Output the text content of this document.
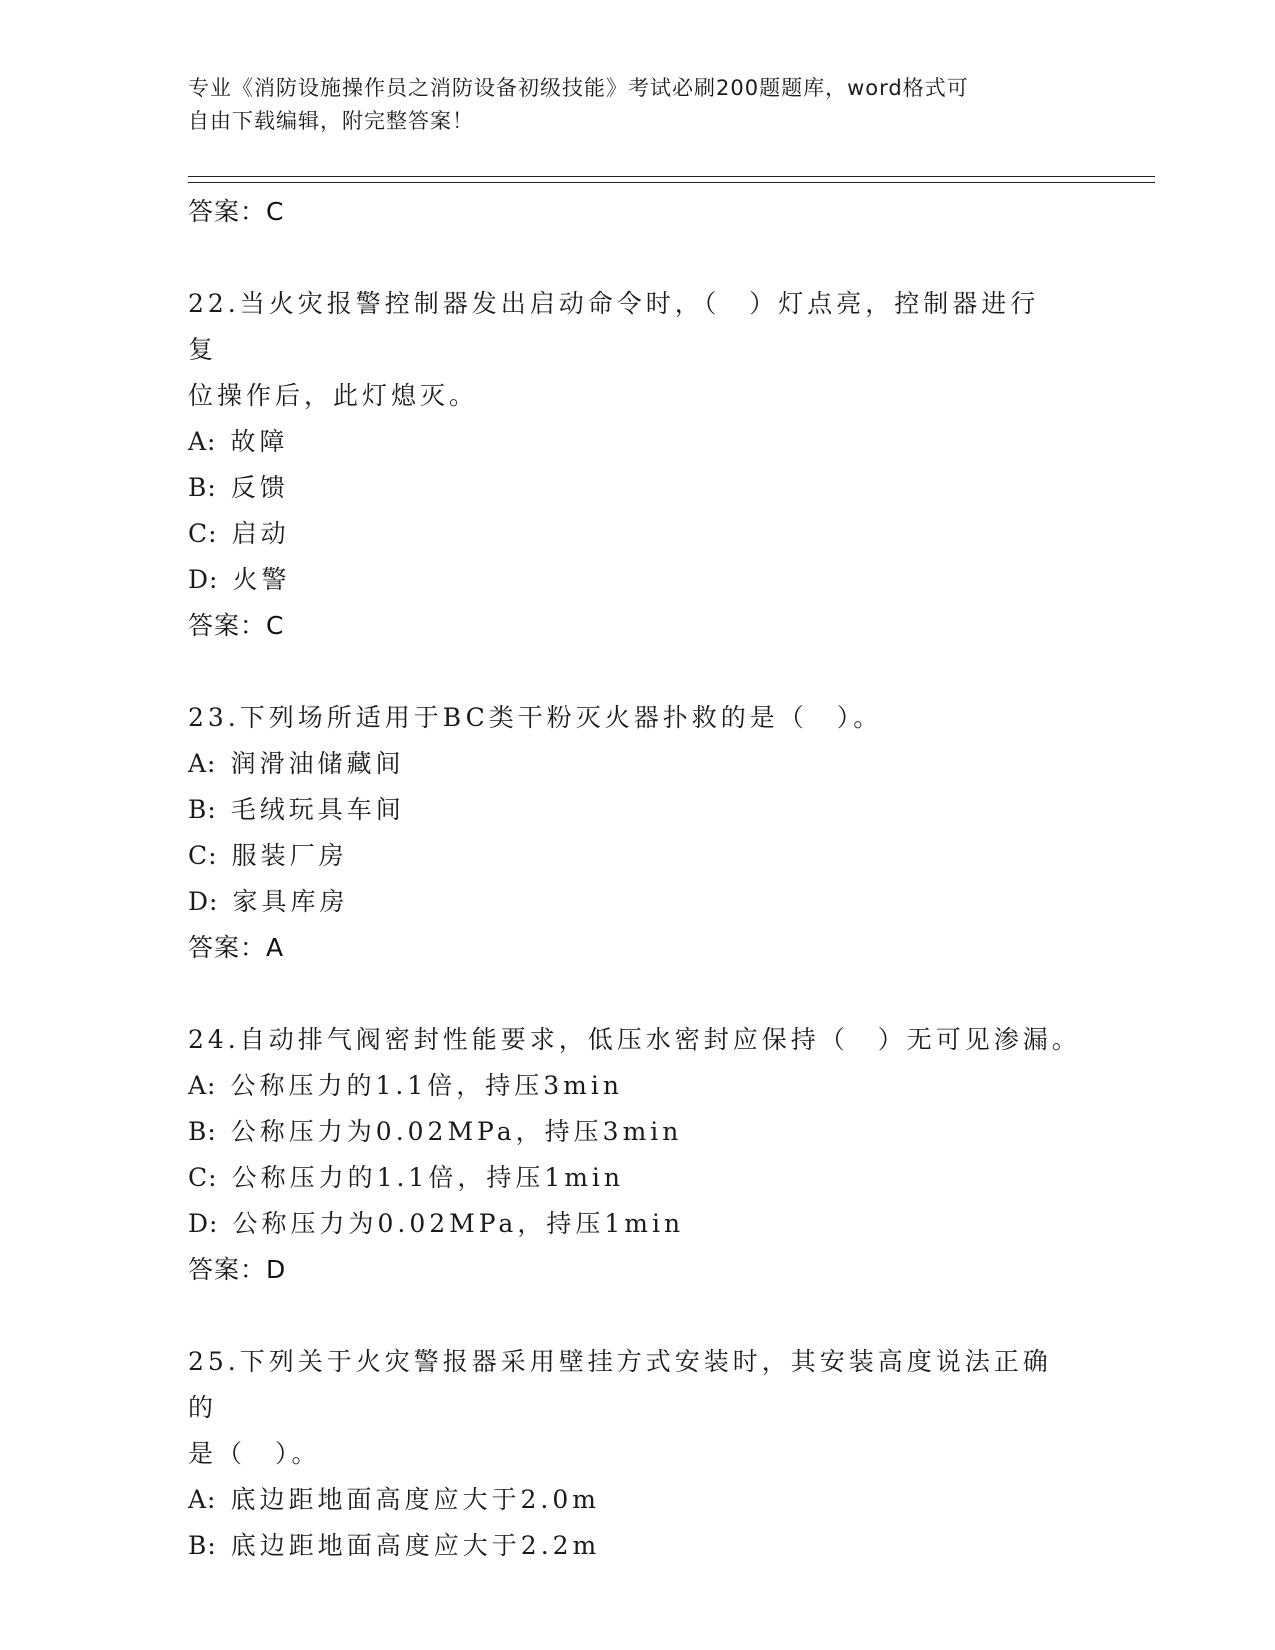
专业《消防设施操作员之消防设备初级技能》考试必刷200题题库，word格式可
自由下载编辑，附完整答案！
答案：C
22.当火灾报警控制器发出启动命令时，（　）灯点亮，控制器进行复
位操作后，此灯熄灭。
A: 故障
B: 反馈
C: 启动
D: 火警
答案：C
23.下列场所适用于BC类干粉灭火器扑救的是（　）。
A: 润滑油储藏间
B: 毛绒玩具车间
C: 服装厂房
D: 家具库房
答案：A
24.自动排气阀密封性能要求，低压水密封应保持（　）无可见渗漏。
A: 公称压力的1.1倍，持压3min
B: 公称压力为0.02MPa，持压3min
C: 公称压力的1.1倍，持压1min
D: 公称压力为0.02MPa，持压1min
答案：D
25.下列关于火灾警报器采用壁挂方式安装时，其安装高度说法正确的
是（　）。
A: 底边距地面高度应大于2.0m
B: 底边距地面高度应大于2.2m
